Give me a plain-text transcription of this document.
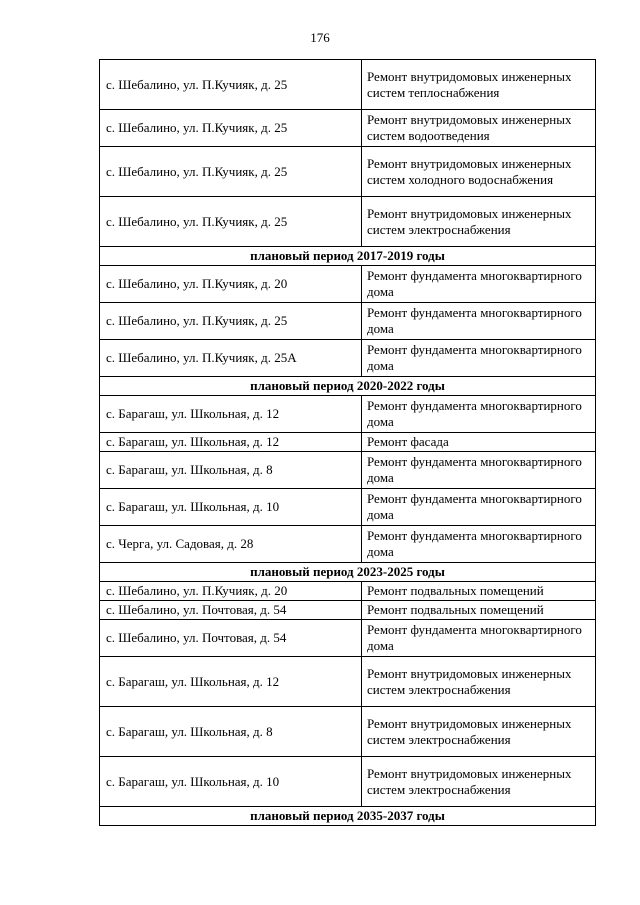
176
с. Шебалино, ул. П.Кучияк, д. 25	Ремонт внутридомовых инженерных систем теплоснабжения
с. Шебалино, ул. П.Кучияк, д. 25	Ремонт внутридомовых инженерных систем водоотведения
с. Шебалино, ул. П.Кучияк, д. 25	Ремонт внутридомовых инженерных систем холодного водоснабжения
с. Шебалино, ул. П.Кучияк, д. 25	Ремонт внутридомовых инженерных систем электроснабжения
плановый период 2017-2019 годы	
с. Шебалино, ул. П.Кучияк, д. 20	Ремонт фундамента многоквартирного дома
с. Шебалино, ул. П.Кучияк, д. 25	Ремонт фундамента многоквартирного дома
с. Шебалино, ул. П.Кучияк, д. 25А	Ремонт фундамента многоквартирного дома
плановый период 2020-2022 годы	
с. Барагаш, ул. Школьная, д. 12	Ремонт фундамента многоквартирного дома
с. Барагаш, ул. Школьная, д. 12	Ремонт фасада
с. Барагаш, ул. Школьная, д. 8	Ремонт фундамента многоквартирного дома
с. Барагаш, ул. Школьная, д. 10	Ремонт фундамента многоквартирного дома
с. Черга, ул. Садовая, д. 28	Ремонт фундамента многоквартирного дома
плановый период 2023-2025 годы	
с. Шебалино, ул. П.Кучияк, д. 20	Ремонт подвальных помещений
с. Шебалино, ул. Почтовая, д. 54	Ремонт подвальных помещений
с. Шебалино, ул. Почтовая, д. 54	Ремонт фундамента многоквартирного дома
с. Барагаш, ул. Школьная, д. 12	Ремонт внутридомовых инженерных систем электроснабжения
с. Барагаш, ул. Школьная, д. 8	Ремонт внутридомовых инженерных систем электроснабжения
с. Барагаш, ул. Школьная, д. 10	Ремонт внутридомовых инженерных систем электроснабжения
плановый период 2035-2037 годы	
